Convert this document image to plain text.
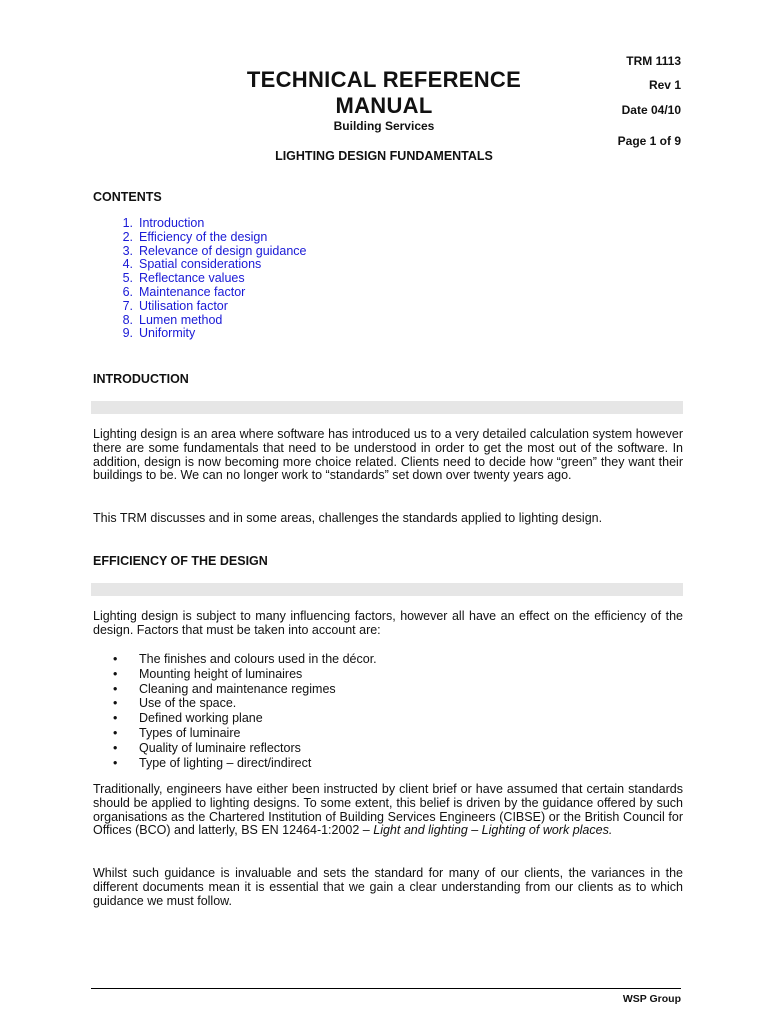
TRM 1113
Rev 1
Date 04/10
Page 1 of 9
TECHNICAL REFERENCE
MANUAL
Building Services
LIGHTING DESIGN FUNDAMENTALS
CONTENTS
1. Introduction
2. Efficiency of the design
3. Relevance of design guidance
4. Spatial considerations
5. Reflectance values
6. Maintenance factor
7. Utilisation factor
8. Lumen method
9. Uniformity
INTRODUCTION

Lighting design is an area where software has introduced us to a very detailed calculation system however there are some fundamentals that need to be understood in order to get the most out of the software. In addition, design is now becoming more choice related. Clients need to decide how “green” they want their buildings to be. We can no longer work to “standards” set down over twenty years ago.

This TRM discusses and in some areas, challenges the standards applied to lighting design.

EFFICIENCY OF THE DESIGN

Lighting design is subject to many influencing factors, however all have an effect on the efficiency of the design. Factors that must be taken into account are:

• The finishes and colours used in the décor.
• Mounting height of luminaires
• Cleaning and maintenance regimes
• Use of the space.
• Defined working plane
• Types of luminaire
• Quality of luminaire reflectors
• Type of lighting – direct/indirect

Traditionally, engineers have either been instructed by client brief or have assumed that certain standards should be applied to lighting designs. To some extent, this belief is driven by the guidance offered by such organisations as the Chartered Institution of Building Services Engineers (CIBSE) or the British Council for Offices (BCO) and latterly, BS EN 12464-1:2002 – Light and lighting – Lighting of work places.

Whilst such guidance is invaluable and sets the standard for many of our clients, the variances in the different documents mean it is essential that we gain a clear understanding from our clients as to which guidance we must follow.

WSP Group
